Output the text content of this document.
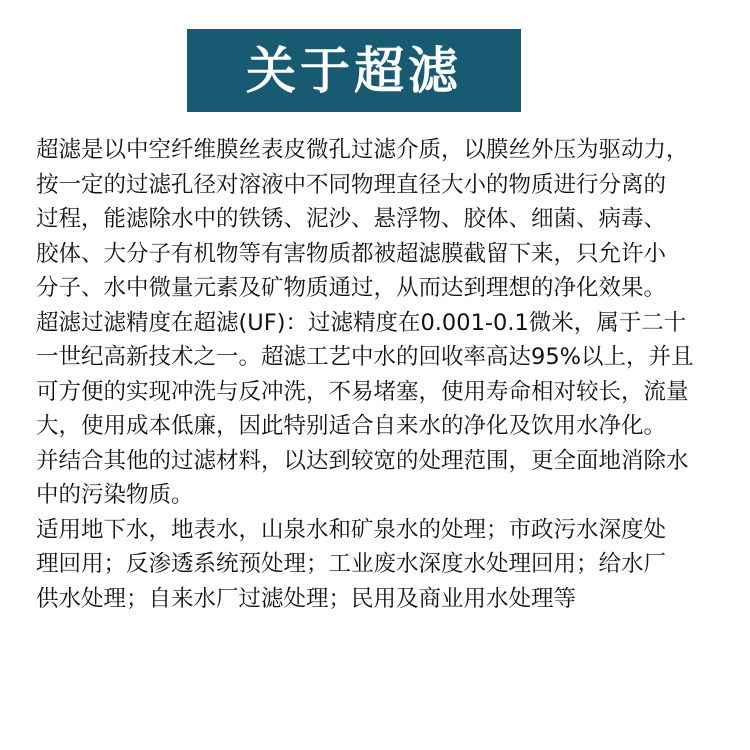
关于超滤
超滤是以中空纤维膜丝表皮微孔过滤介质，以膜丝外压为驱动力，
按一定的过滤孔径对溶液中不同物理直径大小的物质进行分离的
过程，能滤除水中的铁锈、泥沙、悬浮物、胶体、细菌、病毒、
胶体、大分子有机物等有害物质都被超滤膜截留下来，只允许小
分子、水中微量元素及矿物质通过，从而达到理想的净化效果。
超滤过滤精度在超滤(UF)：过滤精度在0.001-0.1微米，属于二十
一世纪高新技术之一。超滤工艺中水的回收率高达95%以上，并且
可方便的实现冲洗与反冲洗，不易堵塞，使用寿命相对较长，流量
大，使用成本低廉，因此特别适合自来水的净化及饮用水净化。
并结合其他的过滤材料，以达到较宽的处理范围，更全面地消除水
中的污染物质。
适用地下水，地表水，山泉水和矿泉水的处理；市政污水深度处
理回用；反渗透系统预处理；工业废水深度水处理回用；给水厂
供水处理；自来水厂过滤处理；民用及商业用水处理等
